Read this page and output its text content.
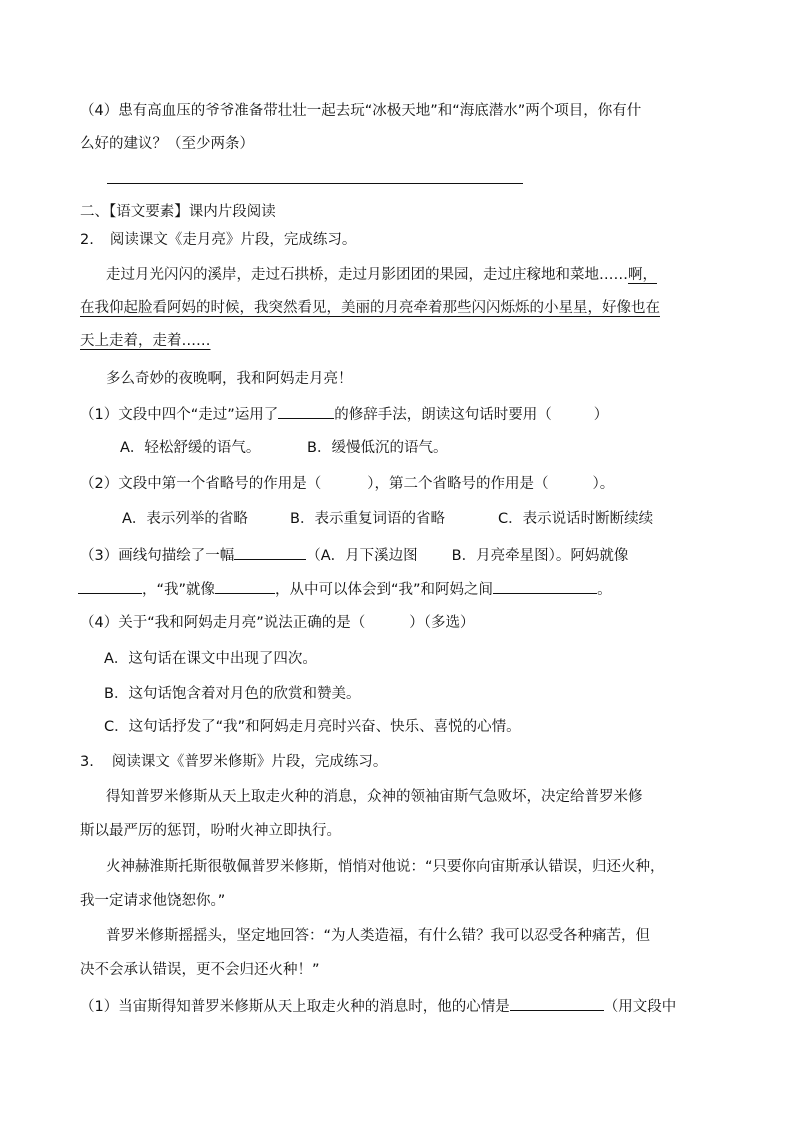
（4）患有高血压的爷爷准备带壮壮一起去玩“冰极天地”和“海底潜水”两个项目，你有什
么好的建议？（至少两条）
二、【语文要素】课内片段阅读
2. 阅读课文《走月亮》片段，完成练习。
走过月光闪闪的溪岸，走过石拱桥，走过月影团团的果园，走过庄稼地和菜地……啊，
在我仰起脸看阿妈的时候，我突然看见，美丽的月亮牵着那些闪闪烁烁的小星星，好像也在
天上走着，走着……
多么奇妙的夜晚啊，我和阿妈走月亮！
（1）文段中四个“走过”运用了	的修辞手法，朗读这句话时要用（	）
A．轻松舒缓的语气。	B．缓慢低沉的语气。
（2）文段中第一个省略号的作用是（	），第二个省略号的作用是（	）。
A．表示列举的省略	B．表示重复词语的省略	C．表示说话时断断续续
（3）画线句描绘了一幅	（A．月下溪边图 B．月亮牵星图）。阿妈就像
，“我”就像	，从中可以体会到“我”和阿妈之间	。
（4）关于“我和阿妈走月亮”说法正确的是（	）（多选）
A．这句话在课文中出现了四次。
B．这句话饱含着对月色的欣赏和赞美。
C．这句话抒发了“我”和阿妈走月亮时兴奋、快乐、喜悦的心情。
3. 阅读课文《普罗米修斯》片段，完成练习。
得知普罗米修斯从天上取走火种的消息，众神的领袖宙斯气急败坏，决定给普罗米修
斯以最严厉的惩罚，吩咐火神立即执行。
火神赫淮斯托斯很敬佩普罗米修斯，悄悄对他说：“只要你向宙斯承认错误，归还火种，
我一定请求他饶恕你。”
普罗米修斯摇摇头，坚定地回答：“为人类造福，有什么错？我可以忍受各种痛苦，但
决不会承认错误，更不会归还火种！”
（1）当宙斯得知普罗米修斯从天上取走火种的消息时，他的心情是	（用文段中
